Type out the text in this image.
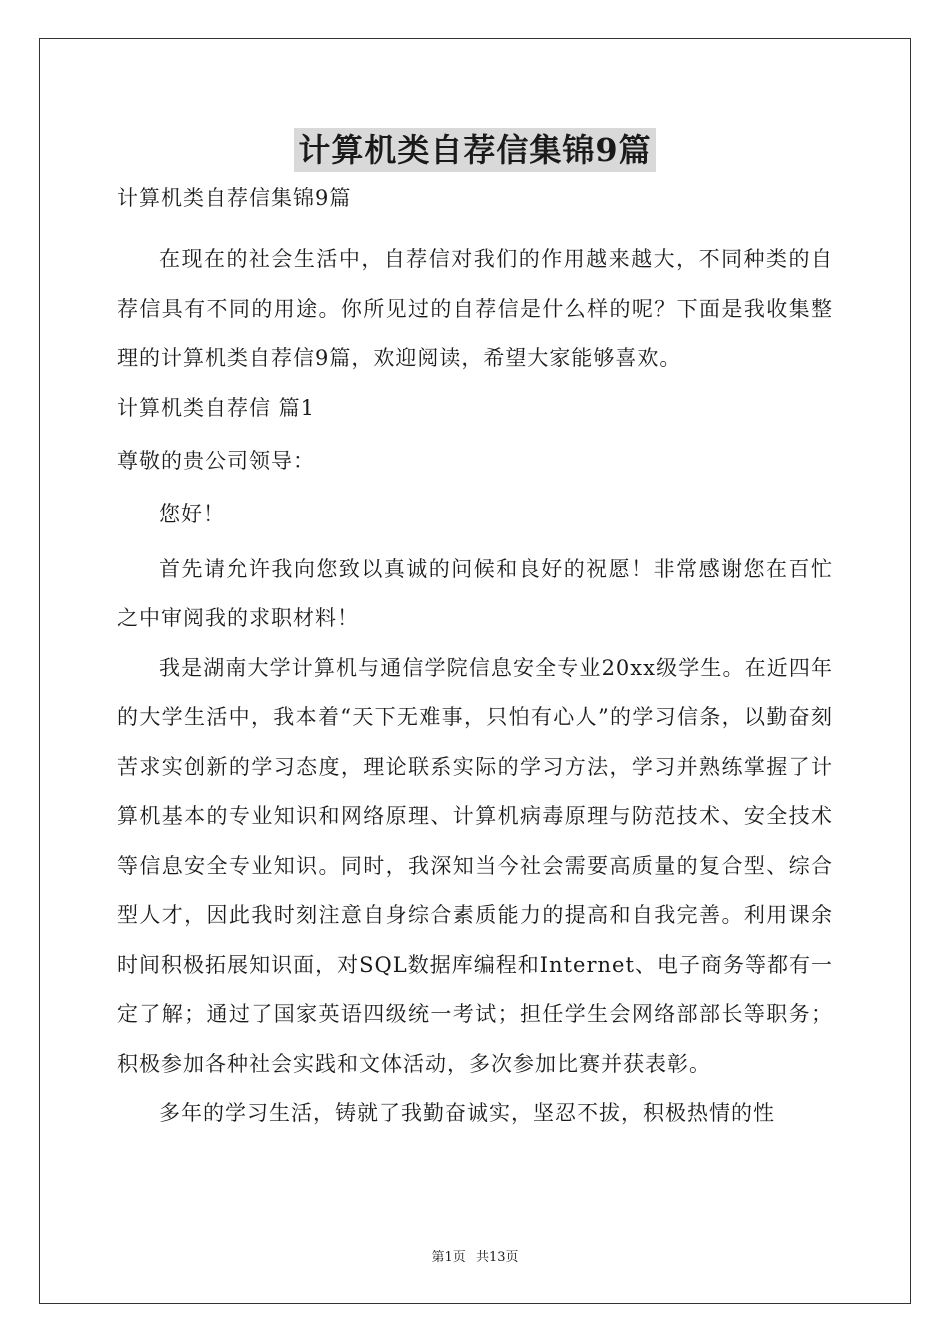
计算机类自荐信集锦9篇

计算机类自荐信集锦9篇

在现在的社会生活中，自荐信对我们的作用越来越大，不同种类的自荐信具有不同的用途。你所见过的自荐信是什么样的呢？下面是我收集整理的计算机类自荐信9篇，欢迎阅读，希望大家能够喜欢。

计算机类自荐信 篇1

尊敬的贵公司领导：

您好！

首先请允许我向您致以真诚的问候和良好的祝愿！非常感谢您在百忙之中审阅我的求职材料！

我是湖南大学计算机与通信学院信息安全专业20xx级学生。在近四年的大学生活中，我本着“天下无难事，只怕有心人”的学习信条，以勤奋刻苦求实创新的学习态度，理论联系实际的学习方法，学习并熟练掌握了计算机基本的专业知识和网络原理、计算机病毒原理与防范技术、安全技术等信息安全专业知识。同时，我深知当今社会需要高质量的复合型、综合型人才，因此我时刻注意自身综合素质能力的提高和自我完善。利用课余时间积极拓展知识面，对SQL数据库编程和Internet、电子商务等都有一定了解；通过了国家英语四级统一考试；担任学生会网络部部长等职务；积极参加各种社会实践和文体活动，多次参加比赛并获表彰。

多年的学习生活，铸就了我勤奋诚实，坚忍不拔，积极热情的性

第1页 共13页
